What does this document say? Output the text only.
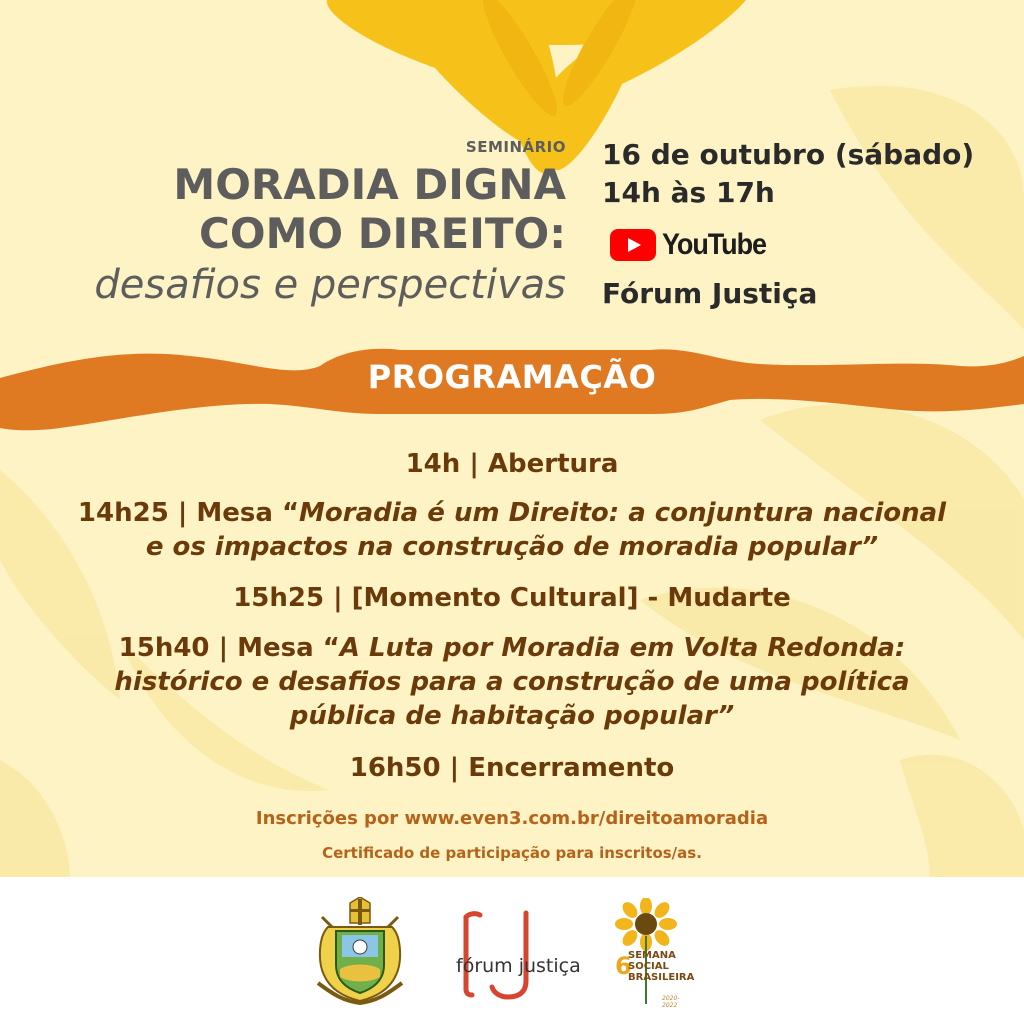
SEMINÁRIO
MORADIA DIGNA
COMO DIREITO:
desafios e perspectivas
16 de outubro (sábado)
14h às 17h
YouTube
Fórum Justiça
PROGRAMAÇÃO
14h | Abertura
14h25 | Mesa “Moradia é um Direito: a conjuntura nacional
e os impactos na construção de moradia popular”
15h25 | [Momento Cultural] - Mudarte
15h40 | Mesa “A Luta por Moradia em Volta Redonda:
histórico e desafios para a construção de uma política
pública de habitação popular”
16h50 | Encerramento
Inscrições por www.even3.com.br/direitoamoradia
Certificado de participação para inscritos/as.
fórum justiça 6
SEMANA
SOCIAL
BRASILEIRA
2020-2022
